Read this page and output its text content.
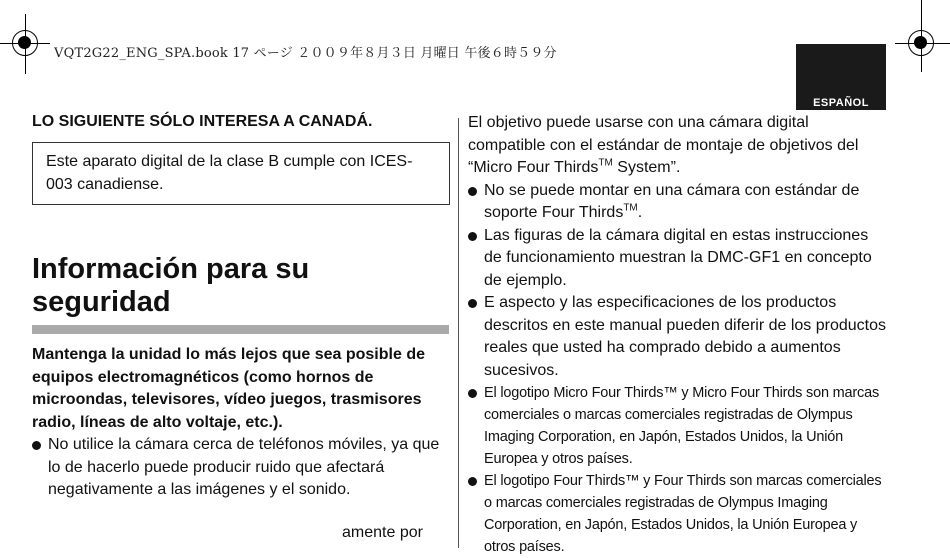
VQT2G22_ENG_SPA.book 17 ページ ２００９年８月３日 月曜日 午後６時５９分
ESPAÑOL
LO SIGUIENTE SÓLO INTERESA A CANADÁ.
Este aparato digital de la clase B cumple con ICES-003 canadiense.
Información para su seguridad

Mantenga la unidad lo más lejos que sea posible de equipos electromagnéticos (como hornos de microondas, televisores, vídeo juegos, trasmisores radio, líneas de alto voltaje, etc.).

No utilice la cámara cerca de teléfonos móviles, ya que lo de hacerlo puede producir ruido que afectará negativamente a las imágenes y el sonido.
amente por

El objetivo puede usarse con una cámara digital compatible con el estándar de montaje de objetivos del “Micro Four Thirds™ System”.

No se puede montar en una cámara con estándar de soporte Four Thirds™.
Las figuras de la cámara digital en estas instrucciones de funcionamiento muestran la DMC-GF1 en concepto de ejemplo.
E aspecto y las especificaciones de los productos descritos en este manual pueden diferir de los productos reales que usted ha comprado debido a aumentos sucesivos.
El logotipo Micro Four Thirds™ y Micro Four Thirds son marcas comerciales o marcas comerciales registradas de Olympus Imaging Corporation, en Japón, Estados Unidos, la Unión Europea y otros países.
El logotipo Four Thirds™ y Four Thirds son marcas comerciales o marcas comerciales registradas de Olympus Imaging Corporation, en Japón, Estados Unidos, la Unión Europea y otros países.
